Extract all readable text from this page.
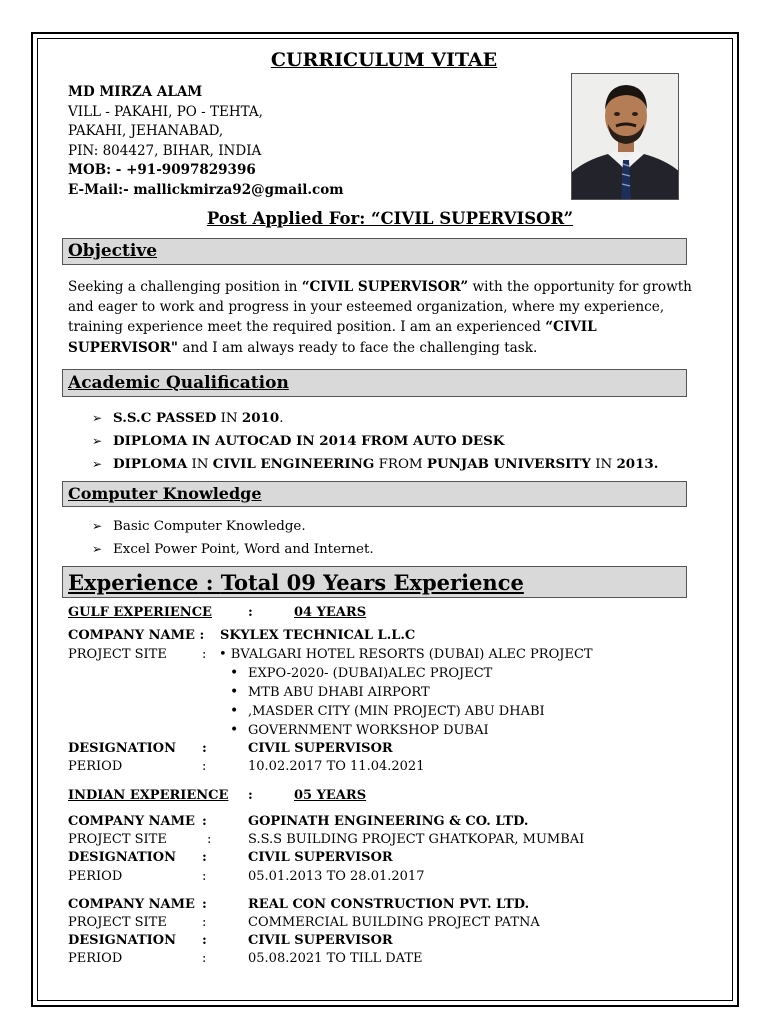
CURRICULUM VITAE
MD MIRZA ALAM
VILL - PAKAHI, PO - TEHTA,
PAKAHI, JEHANABAD,
PIN: 804427, BIHAR, INDIA
MOB: - +91-9097829396
E-Mail:- mallickmirza92@gmail.com
Post Applied For: “CIVIL SUPERVISOR”
Objective
Seeking a challenging position in “CIVIL SUPERVISOR” with the opportunity for growth and eager to work and progress in your esteemed organization, where my experience, training experience meet the required position. I am an experienced “CIVIL SUPERVISOR" and I am always ready to face the challenging task.
Academic Qualification
➢ S.S.C PASSED IN 2010.
➢ DIPLOMA IN AUTOCAD IN 2014 FROM AUTO DESK
➢ DIPLOMA IN CIVIL ENGINEERING FROM PUNJAB UNIVERSITY IN 2013.
Computer Knowledge
➢ Basic Computer Knowledge.
➢ Excel Power Point, Word and Internet.
Experience : Total 09 Years Experience
GULF EXPERIENCE	:	04 YEARS
COMPANY NAME : SKYLEX TECHNICAL L.L.C
PROJECT SITE	: • BVALGARI HOTEL RESORTS (DUBAI) ALEC PROJECT
• EXPO-2020- (DUBAI)ALEC PROJECT
• MTB ABU DHABI AIRPORT
• ,MASDER CITY (MIN PROJECT) ABU DHABI
• GOVERNMENT WORKSHOP DUBAI
DESIGNATION :	CIVIL SUPERVISOR
PERIOD	:	10.02.2017 TO 11.04.2021
INDIAN EXPERIENCE :	05 YEARS
COMPANY NAME :	GOPINATH ENGINEERING & CO. LTD.
PROJECT SITE	:	S.S.S BUILDING PROJECT GHATKOPAR, MUMBAI
DESIGNATION :	CIVIL SUPERVISOR
PERIOD	:	05.01.2013 TO 28.01.2017
COMPANY NAME :	REAL CON CONSTRUCTION PVT. LTD.
PROJECT SITE	:	COMMERCIAL BUILDING PROJECT PATNA
DESIGNATION :	CIVIL SUPERVISOR
PERIOD	:	05.08.2021 TO TILL DATE
